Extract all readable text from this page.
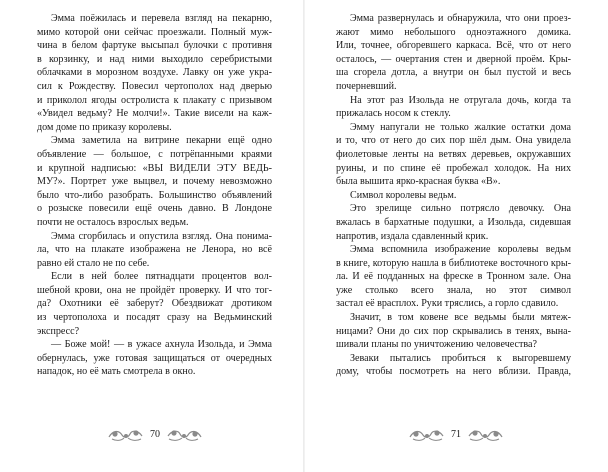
Эмма поёжилась и перевела взгляд на пекарню,
мимо которой они сейчас проезжали. Полный муж-
чина в белом фартуке высыпал булочки с противня
в корзинку, и над ними выходило серебристыми
облачками в морозном воздухе. Лавку он уже укра-
сил к Рождеству. Повесил чертополох над дверью
и приколол ягоды остролиста к плакату с призывом
«Увидел ведьму? Не молчи!». Такие висели на каж-
дом доме по приказу королевы.
Эмма заметила на витрине пекарни ещё одно
объявление — большое, с потрёпанными краями
и крупной надписью: «ВЫ ВИДЕЛИ ЭТУ ВЕДЬ-
МУ?». Портрет уже выцвел, и почему невозможно
было что-либо разобрать. Большинство объявлений
о розыске повесили ещё очень давно. В Лондоне
почти не осталось взрослых ведьм.
Эмма сгорбилась и опустила взгляд. Она понима-
ла, что на плакате изображена не Ленора, но всё
равно ей стало не по себе.
Если в ней более пятнадцати процентов вол-
шебной крови, она не пройдёт проверку. И что тог-
да? Охотники её заберут? Обездвижат дротиком
из чертополоха и посадят сразу на Ведьминский
экспресс?
— Боже мой! — в ужасе ахнула Изольда, и Эмма
обернулась, уже готовая защищаться от очередных
нападок, но её мать смотрела в окно.
70
Эмма развернулась и обнаружила, что они проез-
жают мимо небольшого одноэтажного домика.
Или, точнее, обгоревшего каркаса. Всё, что от него
осталось, — очертания стен и дверной проём. Кры-
ша сгорела дотла, а внутри он был пустой и весь
почерневший.
На этот раз Изольда не отругала дочь, когда та
прижалась носом к стеклу.
Эмму напугали не только жалкие остатки дома
и то, что от него до сих пор шёл дым. Она увидела
фиолетовые ленты на ветвях деревьев, окружавших
руины, и по спине её пробежал холодок. На них
была вышита ярко-красная буква «В».
Символ королевы ведьм.
Это зрелище сильно потрясло девочку. Она
вжалась в бархатные подушки, а Изольда, сидевшая
напротив, издала сдавленный крик.
Эмма вспомнила изображение королевы ведьм
в книге, которую нашла в библиотеке восточного кры-
ла. И её подданных на фреске в Тронном зале. Она
уже столько всего знала, но этот символ
застал её врасплох. Руки тряслись, а горло сдавило.
Значит, в том ковене все ведьмы были мятеж-
ницами? Они до сих пор скрывались в тенях, вына-
шивали планы по уничтожению человечества?
Зеваки пытались пробиться к выгоревшему
дому, чтобы посмотреть на него вблизи. Правда,
71
